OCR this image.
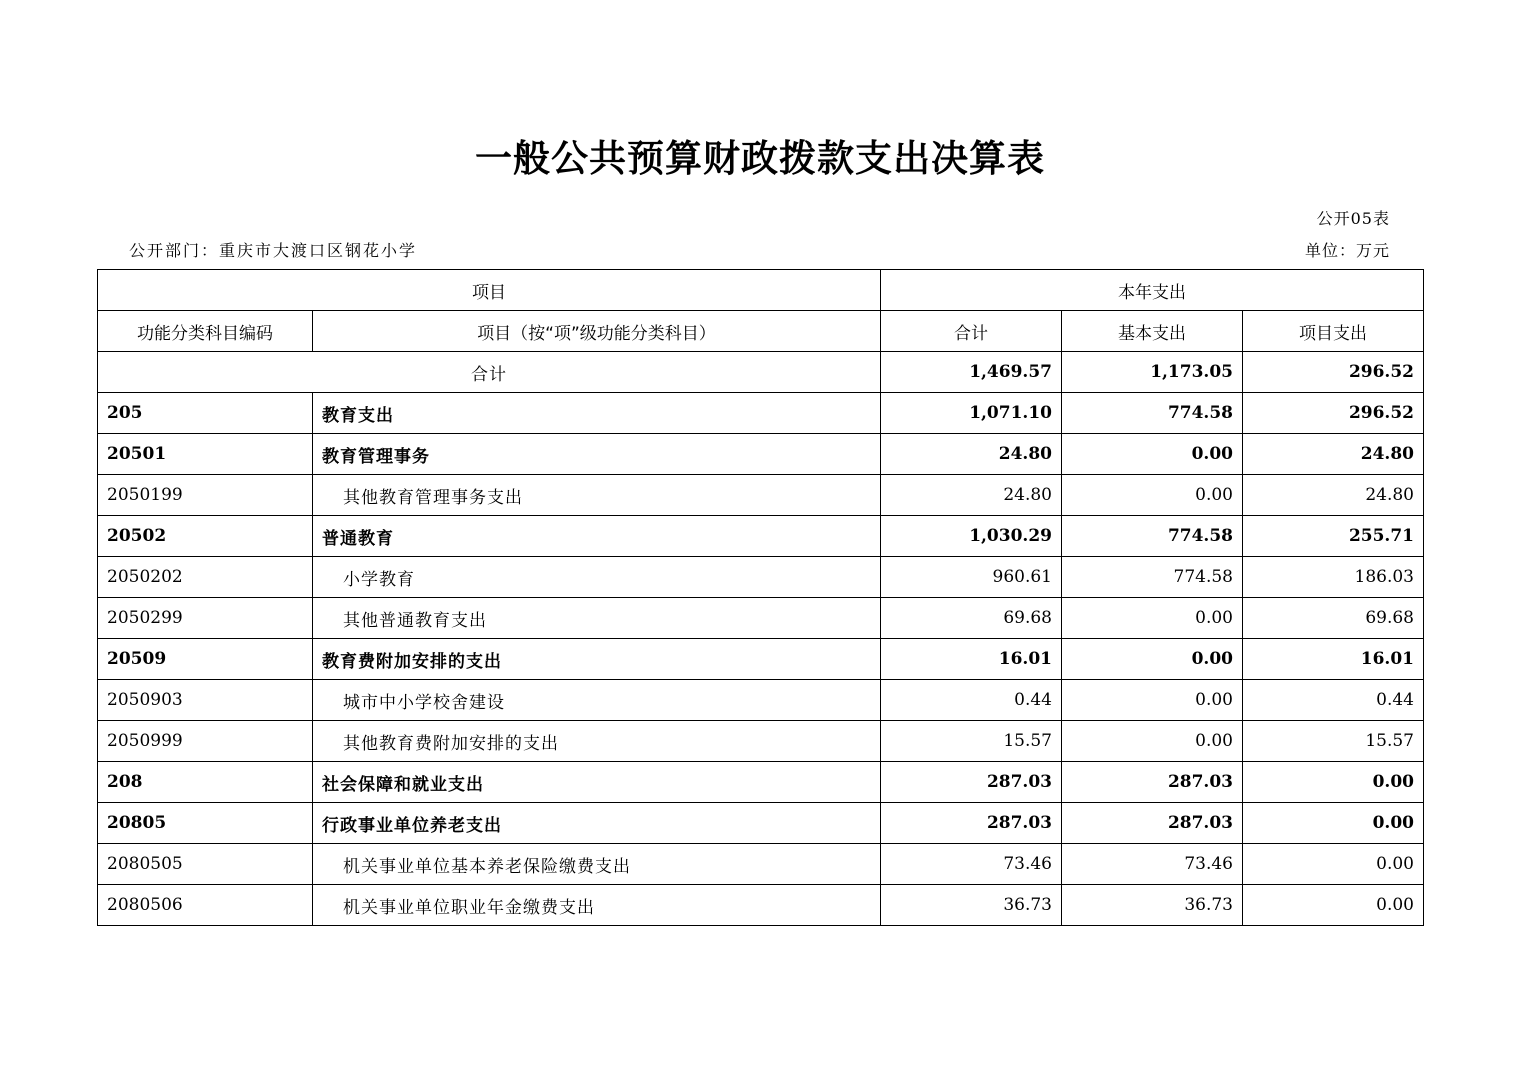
一般公共预算财政拨款支出决算表
公开05表
公开部门：重庆市大渡口区钢花小学	单位：万元
项目		本年支出		
功能分类科目编码	项目（按“项”级功能分类科目）	合计	基本支出	项目支出
合计		1,469.57	1,173.05	296.52
205	教育支出	1,071.10	774.58	296.52
20501	教育管理事务	24.80	0.00	24.80
2050199	其他教育管理事务支出	24.80	0.00	24.80
20502	普通教育	1,030.29	774.58	255.71
2050202	小学教育	960.61	774.58	186.03
2050299	其他普通教育支出	69.68	0.00	69.68
20509	教育费附加安排的支出	16.01	0.00	16.01
2050903	城市中小学校舍建设	0.44	0.00	0.44
2050999	其他教育费附加安排的支出	15.57	0.00	15.57
208	社会保障和就业支出	287.03	287.03	0.00
20805	行政事业单位养老支出	287.03	287.03	0.00
2080505	机关事业单位基本养老保险缴费支出	73.46	73.46	0.00
2080506	机关事业单位职业年金缴费支出	36.73	36.73	0.00
